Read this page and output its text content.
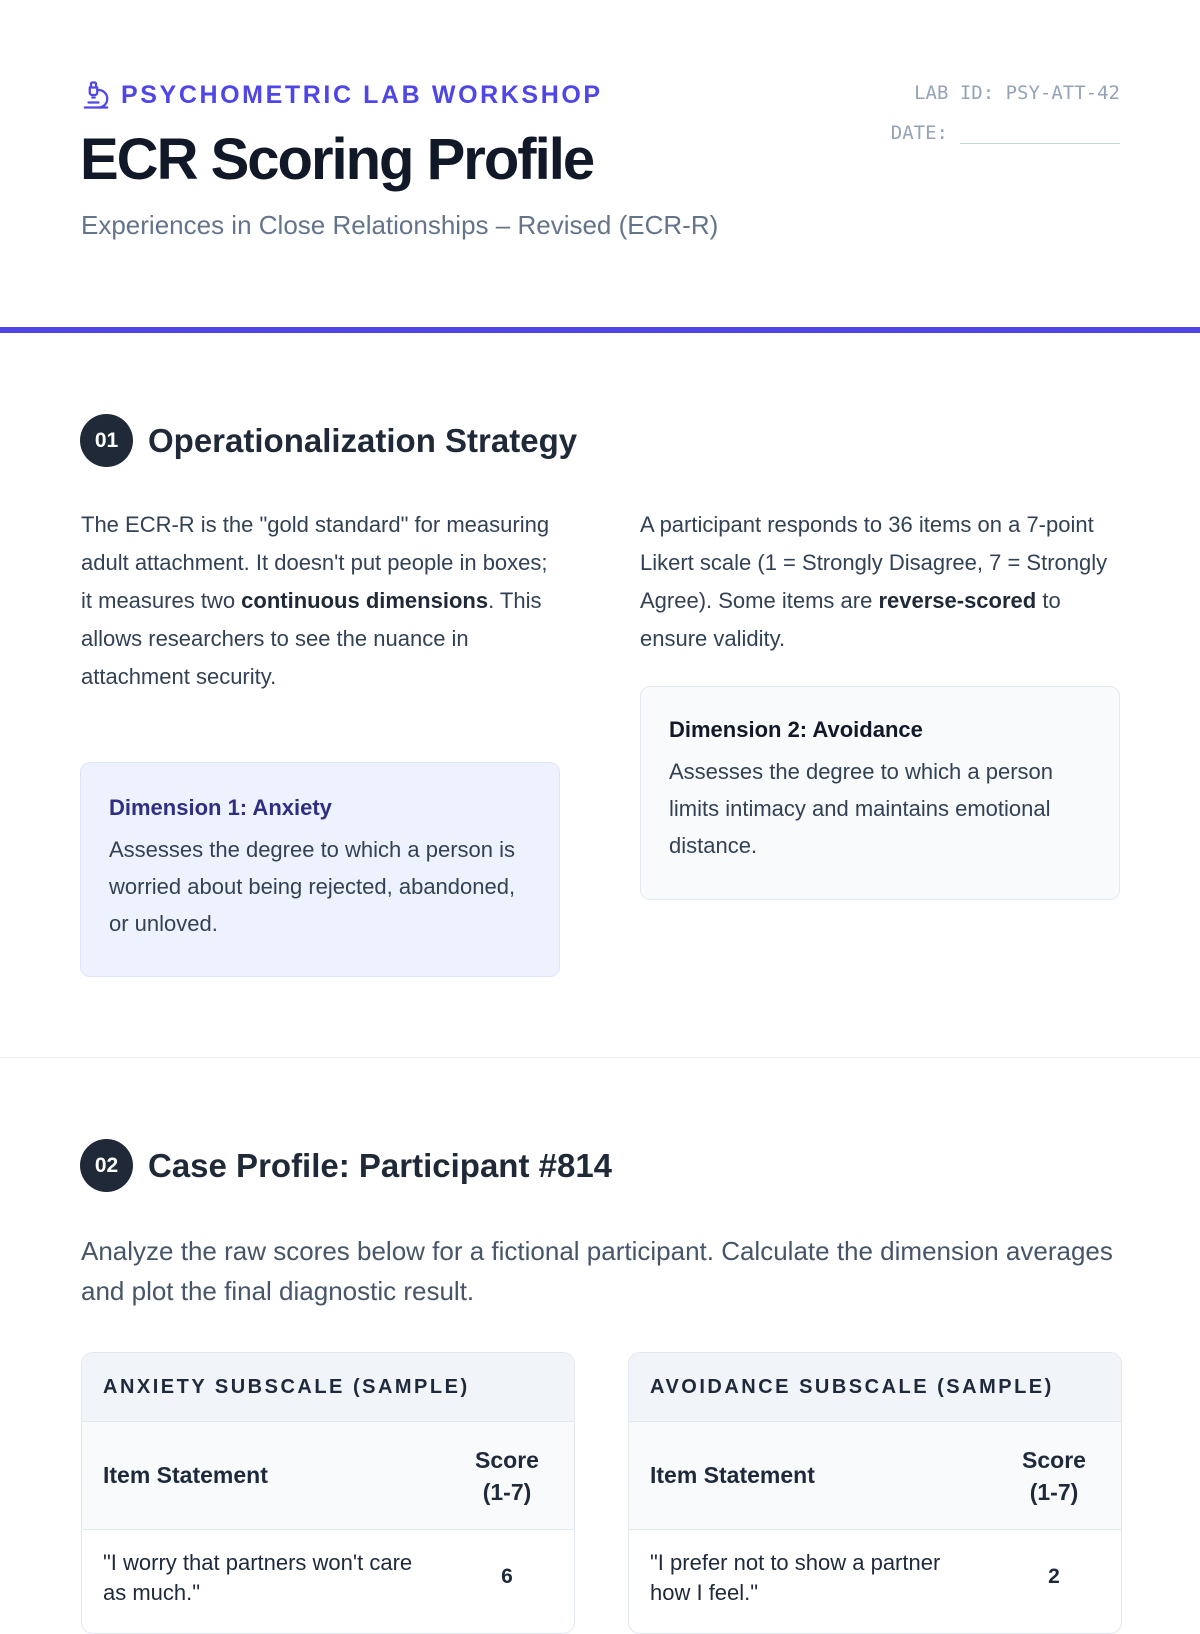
PSYCHOMETRIC LAB WORKSHOP
ECR Scoring Profile
Experiences in Close Relationships – Revised (ECR-R)
LAB ID: PSY-ATT-42
DATE:
01 Operationalization Strategy

The ECR-R is the "gold standard" for measuring adult attachment. It doesn't put people in boxes; it measures two continuous dimensions. This allows researchers to see the nuance in attachment security.

A participant responds to 36 items on a 7-point Likert scale (1 = Strongly Disagree, 7 = Strongly Agree). Some items are reverse-scored to ensure validity.

Dimension 2: Avoidance

Assesses the degree to which a person limits intimacy and maintains emotional distance.

Dimension 1: Anxiety

Assesses the degree to which a person is worried about being rejected, abandoned, or unloved.

02 Case Profile: Participant #814

Analyze the raw scores below for a fictional participant. Calculate the dimension averages and plot the final diagnostic result.

ANXIETY SUBSCALE (SAMPLE)
Item Statement
Score (1-7)
"I worry that partners won't care as much."
6
AVOIDANCE SUBSCALE (SAMPLE)
Item Statement
Score (1-7)
"I prefer not to show a partner how I feel."
2
